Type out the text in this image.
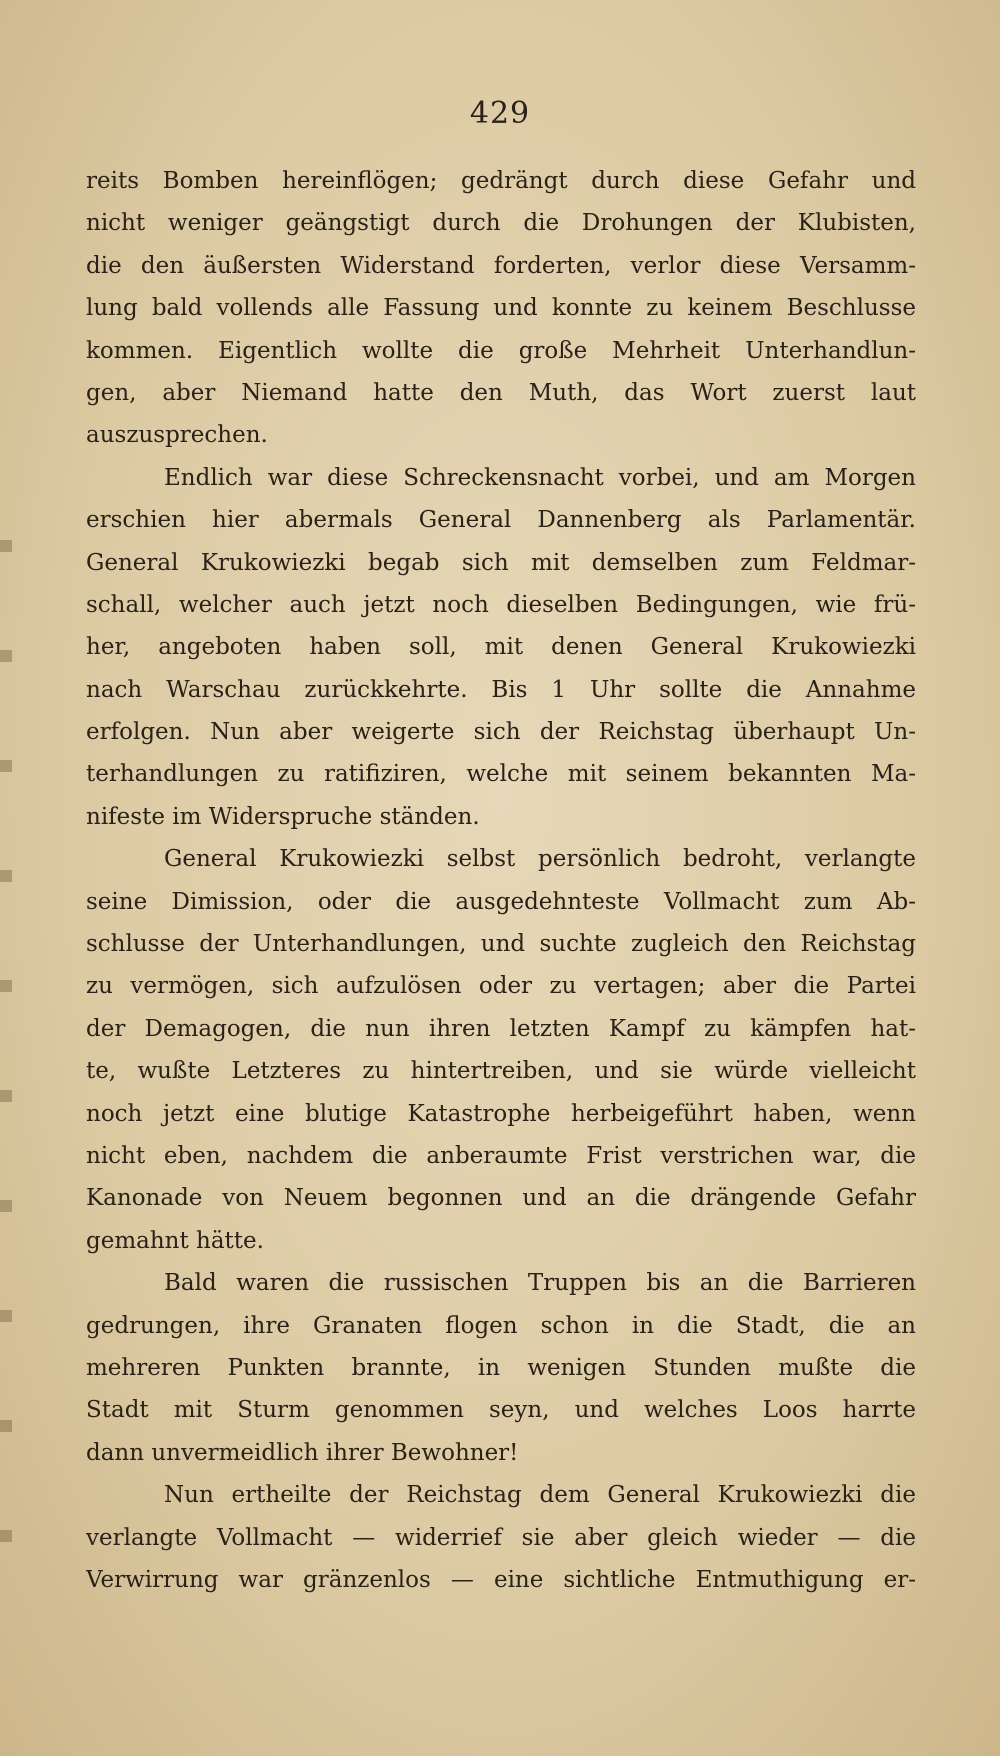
429
reits Bomben hereinflögen; gedrängt durch diese Gefahr und
nicht weniger geängstigt durch die Drohungen der Klubisten,
die den äußersten Widerstand forderten, verlor diese Versamm-
lung bald vollends alle Fassung und konnte zu keinem Beschlusse
kommen. Eigentlich wollte die große Mehrheit Unterhandlun-
gen, aber Niemand hatte den Muth, das Wort zuerst laut
auszusprechen.
Endlich war diese Schreckensnacht vorbei, und am Morgen
erschien hier abermals General Dannenberg als Parlamentär.
General Krukowiezki begab sich mit demselben zum Feldmar-
schall, welcher auch jetzt noch dieselben Bedingungen, wie frü-
her, angeboten haben soll, mit denen General Krukowiezki
nach Warschau zurückkehrte. Bis 1 Uhr sollte die Annahme
erfolgen. Nun aber weigerte sich der Reichstag überhaupt Un-
terhandlungen zu ratifiziren, welche mit seinem bekannten Ma-
nifeste im Widerspruche ständen.
General Krukowiezki selbst persönlich bedroht, verlangte
seine Dimission, oder die ausgedehnteste Vollmacht zum Ab-
schlusse der Unterhandlungen, und suchte zugleich den Reichstag
zu vermögen, sich aufzulösen oder zu vertagen; aber die Partei
der Demagogen, die nun ihren letzten Kampf zu kämpfen hat-
te, wußte Letzteres zu hintertreiben, und sie würde vielleicht
noch jetzt eine blutige Katastrophe herbeigeführt haben, wenn
nicht eben, nachdem die anberaumte Frist verstrichen war, die
Kanonade von Neuem begonnen und an die drängende Gefahr
gemahnt hätte.
Bald waren die russischen Truppen bis an die Barrieren
gedrungen, ihre Granaten flogen schon in die Stadt, die an
mehreren Punkten brannte, in wenigen Stunden mußte die
Stadt mit Sturm genommen seyn, und welches Loos harrte
dann unvermeidlich ihrer Bewohner!
Nun ertheilte der Reichstag dem General Krukowiezki die
verlangte Vollmacht — widerrief sie aber gleich wieder — die
Verwirrung war gränzenlos — eine sichtliche Entmuthigung er-
